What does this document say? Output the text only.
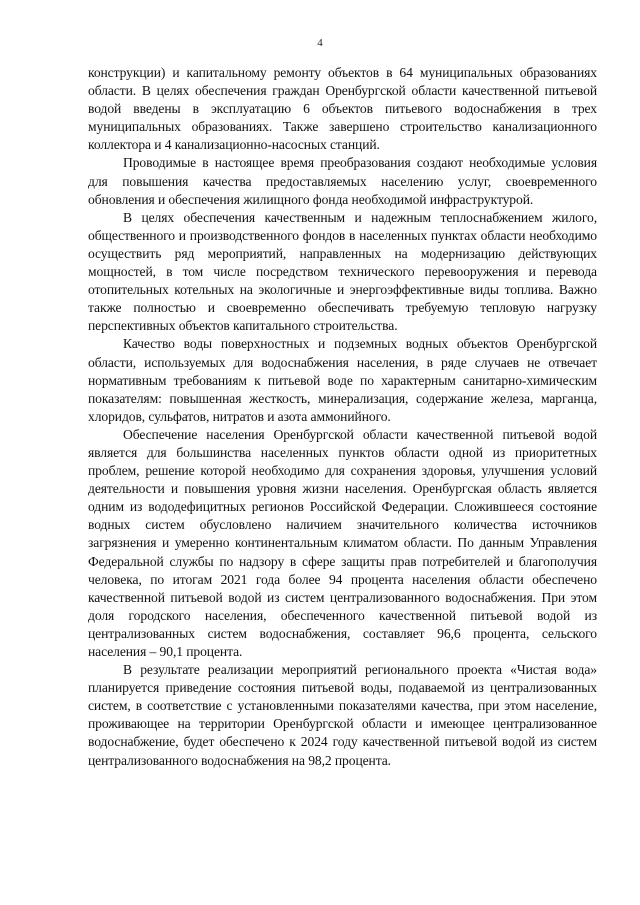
4

конструкции) и капитальному ремонту объектов в 64 муниципальных образованиях области. В целях обеспечения граждан Оренбургской области качественной питьевой водой введены в эксплуатацию 6 объектов питьевого водоснабжения в трех муниципальных образованиях. Также завершено строительство канализационного коллектора и 4 канализационно-насосных станций.

Проводимые в настоящее время преобразования создают необходимые условия для повышения качества предоставляемых населению услуг, своевременного обновления и обеспечения жилищного фонда необходимой инфраструктурой.

В целях обеспечения качественным и надежным теплоснабжением жилого, общественного и производственного фондов в населенных пунктах области необходимо осуществить ряд мероприятий, направленных на модернизацию действующих мощностей, в том числе посредством технического перевооружения и перевода отопительных котельных на экологичные и энергоэффективные виды топлива. Важно также полностью и своевременно обеспечивать требуемую тепловую нагрузку перспективных объектов капитального строительства.

Качество воды поверхностных и подземных водных объектов Оренбургской области, используемых для водоснабжения населения, в ряде случаев не отвечает нормативным требованиям к питьевой воде по характерным санитарно-химическим показателям: повышенная жесткость, минерализация, содержание железа, марганца, хлоридов, сульфатов, нитратов и азота аммонийного.

Обеспечение населения Оренбургской области качественной питьевой водой является для большинства населенных пунктов области одной из приоритетных проблем, решение которой необходимо для сохранения здоровья, улучшения условий деятельности и повышения уровня жизни населения. Оренбургская область является одним из вододефицитных регионов Российской Федерации. Сложившееся состояние водных систем обусловлено наличием значительного количества источников загрязнения и умеренно континентальным климатом области. По данным Управления Федеральной службы по надзору в сфере защиты прав потребителей и благополучия человека, по итогам 2021 года более 94 процента населения области обеспечено качественной питьевой водой из систем централизованного водоснабжения. При этом доля городского населения, обеспеченного качественной питьевой водой из централизованных систем водоснабжения, составляет 96,6 процента, сельского населения – 90,1 процента.

В результате реализации мероприятий регионального проекта «Чистая вода» планируется приведение состояния питьевой воды, подаваемой из централизованных систем, в соответствие с установленными показателями качества, при этом население, проживающее на территории Оренбургской области и имеющее централизованное водоснабжение, будет обеспечено к 2024 году качественной питьевой водой из систем централизованного водоснабжения на 98,2 процента.
